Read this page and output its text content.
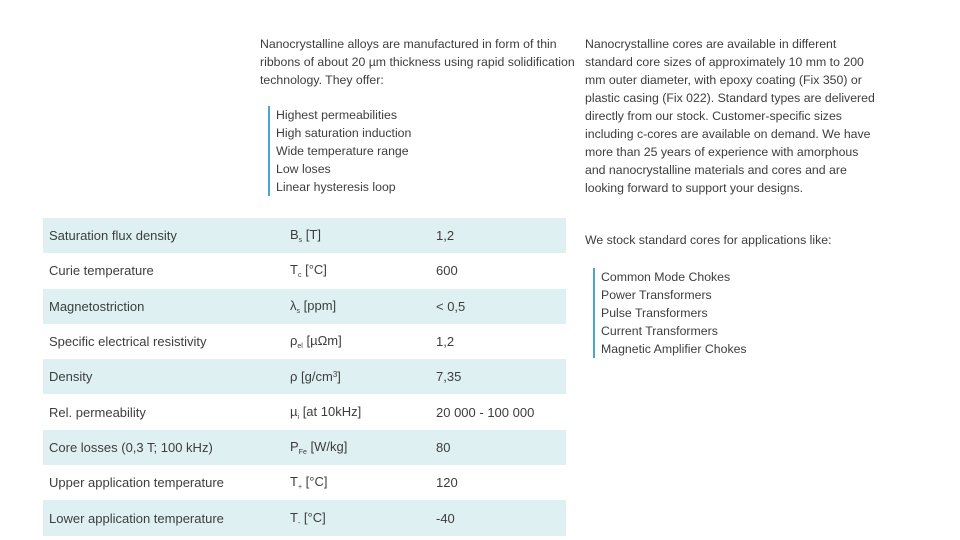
Nanocrystalline alloys are manufactured in form of thin ribbons of about 20 µm thickness using rapid solidification technology. They offer:

Highest permeabilities
High saturation induction
Wide temperature range
Low loses
Linear hysteresis loop

Nanocrystalline cores are available in different standard core sizes of approximately 10 mm to 200 mm outer diameter, with epoxy coating (Fix 350) or plastic casing (Fix 022). Standard types are delivered directly from our stock. Customer-specific sizes including c-cores are available on demand. We have more than 25 years of experience with amorphous and nanocrystalline materials and cores and are looking forward to support your designs.

We stock standard cores for applications like:

Common Mode Chokes
Power Transformers
Pulse Transformers
Current Transformers
Magnetic Amplifier Chokes
Saturation flux density	$B_s$ [T]	1,2
Curie temperature	$T_c$ [°C]	600
Magnetostriction	$\lambda_s$ [ppm]	< 0,5
Specific electrical resistivity	$\rho_{el}$ [µΩm]	1,2
Density	ρ $[g/cm^3]$	7,35
Rel. permeability	µ$_i$ [at 10kHz]	20 000 - 100 000
Core losses (0,3 T; 100 kHz)	$P_{Fe}$ [W/kg]	80
Upper application temperature	$T_+$ [°C]	120
Lower application temperature	$T_-$ [°C]	-40
